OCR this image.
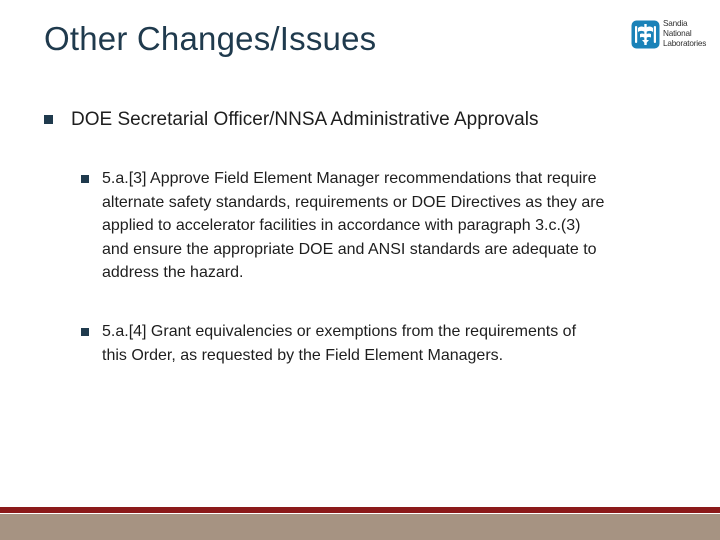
Other Changes/Issues	Sandia
National
Laboratories
DOE Secretarial Officer/NNSA Administrative Approvals
5.a.[3] Approve Field Element Manager recommendations that require
alternate safety standards, requirements or DOE Directives as they are
applied to accelerator facilities in accordance with paragraph 3.c.(3)
and ensure the appropriate DOE and ANSI standards are adequate to
address the hazard.
5.a.[4] Grant equivalencies or exemptions from the requirements of
this Order, as requested by the Field Element Managers.
